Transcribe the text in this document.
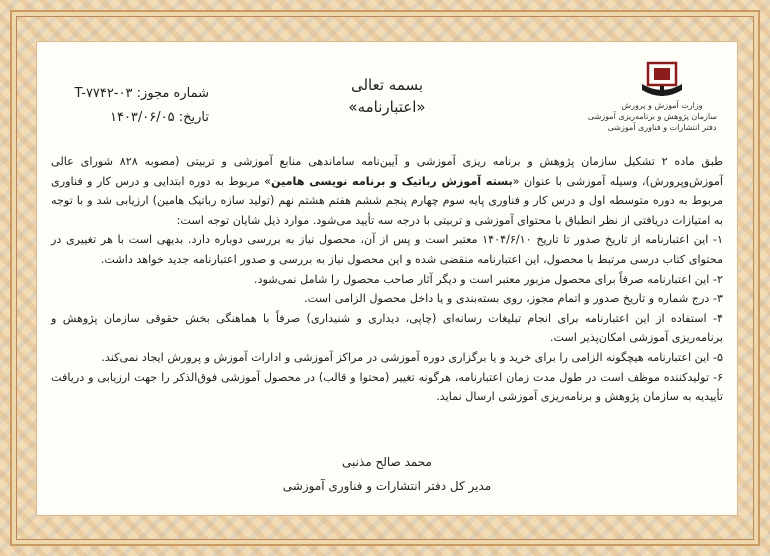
وزارت آموزش و پرورش
سازمان پژوهش و برنامه‌ریزی آموزشی
دفتر انتشارات و فناوری آموزشی
بسمه تعالی
«اعتبارنامه»
شماره مجوز: T-۷۷۴۲-۰۳
تاریخ: ۱۴۰۳/۰۶/۰۵

طبق ماده ۲ تشکیل سازمان پژوهش و برنامه ریزی آموزشی و آیین‌نامه ساماندهی منابع آموزشی و تربیتی (مصوبه ۸۲۸ شورای عالی آموزش‌وپرورش)، وسیله آموزشی با عنوان «بسته آموزش رباتیک و برنامه نویسی هامین» مربوط به دوره ابتدایی و درس کار و فناوری مربوط به دوره متوسطه اول و درس کار و فناوری پایه سوم چهارم پنجم ششم هفتم هشتم نهم (تولید سازه رباتیک هامین) ارزیابی شد و با توجه به امتیازات دریافتی از نظر انطباق با محتوای آموزشی و تربیتی با درجه سه تأیید می‌شود. موارد ذیل شایان توجه است:

۱- این اعتبارنامه از تاریخ صدور تا تاریخ ۱۴۰۴/۶/۱۰ معتبر است و پس از آن، محصول نیاز به بررسی دوباره دارد. بدیهی است با هر تغییری در محتوای کتاب درسی مرتبط با محصول، این اعتبارنامه منقضی شده و این محصول نیاز به بررسی و صدور اعتبارنامه جدید خواهد داشت.

۲- این اعتبارنامه صرفاً برای محصول مزبور معتبر است و دیگر آثار صاحب محصول را شامل نمی‌شود.

۳- درج شماره و تاریخ صدور و اتمام مجوز، روی بسته‌بندی و یا داخل محصول الزامی است.

۴- استفاده از این اعتبارنامه برای انجام تبلیغات رسانه‌ای (چاپی، دیداری و شنیداری) صرفاً با هماهنگی بخش حقوقی سازمان پژوهش و برنامه‌ریزی آموزشی امکان‌پذیر است.

۵- این اعتبارنامه هیچگونه الزامی را برای خرید و یا برگزاری دوره آموزشی در مراکز آموزشی و ادارات آموزش و پرورش ایجاد نمی‌کند.

۶- تولیدکننده موظف است در طول مدت زمان اعتبارنامه، هرگونه تغییر (محتوا و قالب) در محصول آموزشی فوق‌الذکر را جهت ارزیابی و دریافت تأییدیه به سازمان پژوهش و برنامه‌ریزی آموزشی ارسال نماید.

محمد صالح مذنبی
مدیر کل دفتر انتشارات و فناوری آموزشی
